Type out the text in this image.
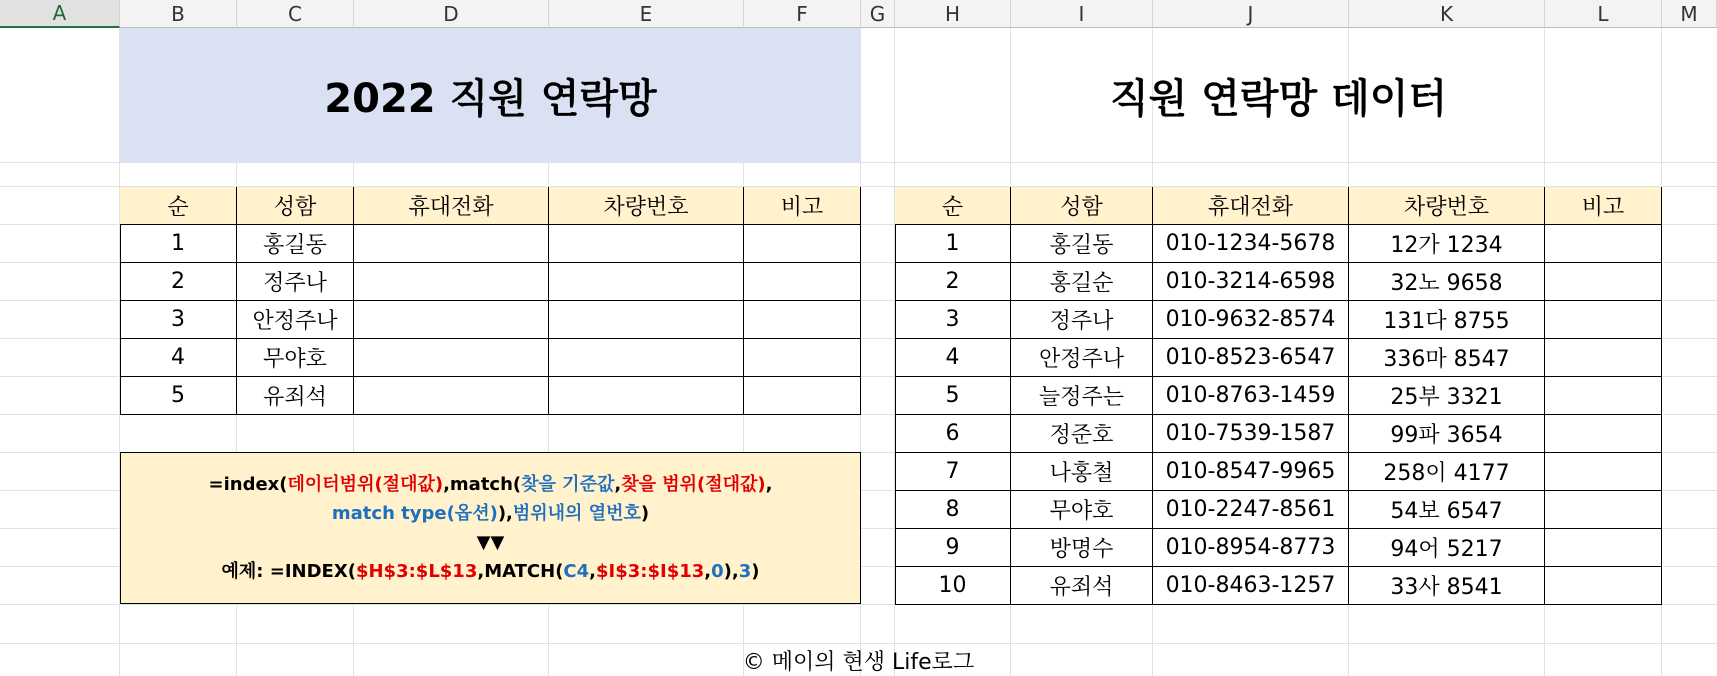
A	B	C	D	E	F	G	H	I	J	K	L	M
2022 직원 연락망	직원 연락망 데이터
순	성함	휴대전화	차량번호	비고
1	홍길동
2	정주나
3	안정주나
4	무야호
5	유죄석
순	성함	휴대전화	차량번호	비고
1	홍길동	010-1234-5678	12가 1234
2	홍길순	010-3214-6598	32노 9658
3	정주나	010-9632-8574	131다 8755
4	안정주나	010-8523-6547	336마 8547
5	늘정주는	010-8763-1459	25부 3321
6	정준호	010-7539-1587	99파 3654
7	나홍철	010-8547-9965	258이 4177
8	무야호	010-2247-8561	54보 6547
9	방명수	010-8954-8773	94어 5217
10	유죄석	010-8463-1257	33사 8541
=index(데이터범위(절대값),match(찾을 기준값,찾을 범위(절대값),
match type(옵션)),범위내의 열번호)
▼▼
예제: =INDEX($H$3:$L$13,MATCH(C4,$I$3:$I$13,0),3)
© 메이의 현생 Life로그
